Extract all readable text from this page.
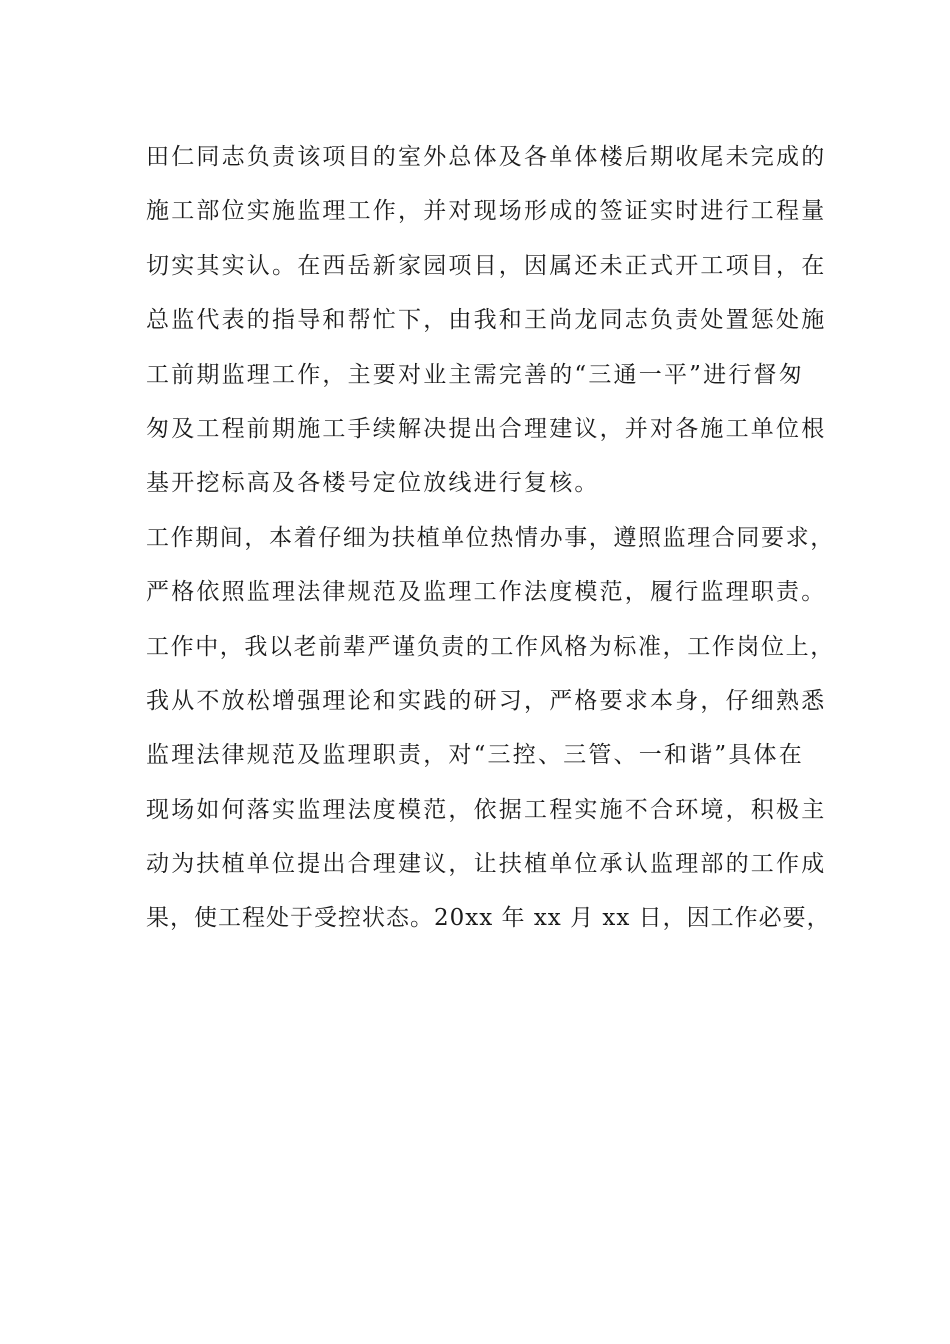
田仁同志负责该项目的室外总体及各单体楼后期收尾未完成的
施工部位实施监理工作，并对现场形成的签证实时进行工程量
切实其实认。在西岳新家园项目，因属还未正式开工项目，在
总监代表的指导和帮忙下，由我和王尚龙同志负责处置惩处施
工前期监理工作，主要对业主需完善的“三通一平”进行督匆
匆及工程前期施工手续解决提出合理建议，并对各施工单位根
基开挖标高及各楼号定位放线进行复核。
工作期间，本着仔细为扶植单位热情办事，遵照监理合同要求，
严格依照监理法律规范及监理工作法度模范，履行监理职责。
工作中，我以老前辈严谨负责的工作风格为标准，工作岗位上，
我从不放松增强理论和实践的研习，严格要求本身，仔细熟悉
监理法律规范及监理职责，对“三控、三管、一和谐”具体在
现场如何落实监理法度模范，依据工程实施不合环境，积极主
动为扶植单位提出合理建议，让扶植单位承认监理部的工作成
果，使工程处于受控状态。20xx 年 xx 月 xx 日，因工作必要，
